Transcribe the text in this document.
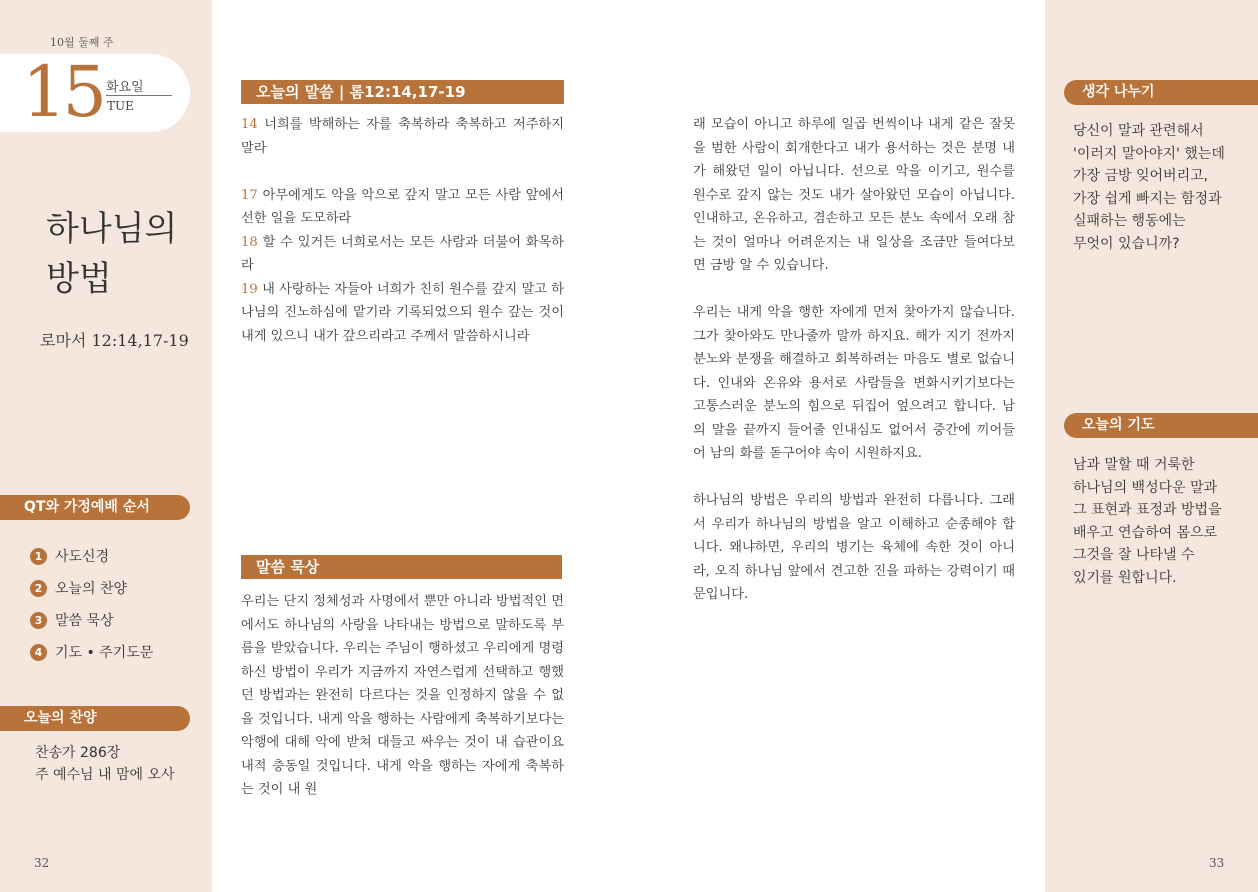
10월 둘째 주
15 화요일
TUE
하나님의
방법
로마서 12:14,17-19
QT와 가정예배 순서
1 사도신경
2 오늘의 찬양
3 말씀 묵상
4 기도 • 주기도문
오늘의 찬양
찬송가 286장
주 예수님 내 맘에 오사
32
오늘의 말씀 | 롬12:14,17-19

14 너희를 박해하는 자를 축복하라 축복하고 저주하지 말라

17 아무에게도 악을 악으로 갚지 말고 모든 사람 앞에서 선한 일을 도모하라

18 할 수 있거든 너희로서는 모든 사람과 더불어 화목하라

19 내 사랑하는 자들아 너희가 친히 원수를 갚지 말고 하나님의 진노하심에 맡기라 기록되었으되 원수 갚는 것이 내게 있으니 내가 갚으리라고 주께서 말씀하시니라

말씀 묵상

우리는 단지 정체성과 사명에서 뿐만 아니라 방법적인 면에서도 하나님의 사랑을 나타내는 방법으로 말하도록 부름을 받았습니다. 우리는 주님이 행하셨고 우리에게 명령하신 방법이 우리가 지금까지 자연스럽게 선택하고 행했던 방법과는 완전히 다르다는 것을 인정하지 않을 수 없을 것입니다. 내게 악을 행하는 사람에게 축복하기보다는 악행에 대해 악에 받쳐 대들고 싸우는 것이 내 습관이요 내적 충동일 것입니다. 내게 악을 행하는 자에게 축복하는 것이 내 원

래 모습이 아니고 하루에 일곱 번씩이나 내게 같은 잘못을 범한 사람이 회개한다고 내가 용서하는 것은 분명 내가 해왔던 일이 아닙니다. 선으로 악을 이기고, 원수를 원수로 갚지 않는 것도 내가 살아왔던 모습이 아닙니다. 인내하고, 온유하고, 겸손하고 모든 분노 속에서 오래 참는 것이 얼마나 어려운지는 내 일상을 조금만 들여다보면 금방 알 수 있습니다.

우리는 내게 악을 행한 자에게 먼저 찾아가지 않습니다. 그가 찾아와도 만나줄까 말까 하지요. 해가 지기 전까지 분노와 분쟁을 해결하고 회복하려는 마음도 별로 없습니다. 인내와 온유와 용서로 사람들을 변화시키기보다는 고통스러운 분노의 힘으로 뒤집어 엎으려고 합니다. 남의 말을 끝까지 들어줄 인내심도 없어서 중간에 끼어들어 남의 화를 돋구어야 속이 시원하지요.

하나님의 방법은 우리의 방법과 완전히 다릅니다. 그래서 우리가 하나님의 방법을 알고 이해하고 순종해야 합니다. 왜냐하면, 우리의 병기는 육체에 속한 것이 아니라, 오직 하나님 앞에서 견고한 진을 파하는 강력이기 때문입니다.

생각 나누기
당신이 말과 관련해서
'이러지 말아야지' 했는데
가장 금방 잊어버리고,
가장 쉽게 빠지는 함정과
실패하는 행동에는
무엇이 있습니까?
오늘의 기도
남과 말할 때 거룩한
하나님의 백성다운 말과
그 표현과 표정과 방법을
배우고 연습하여 몸으로
그것을 잘 나타낼 수
있기를 원합니다.
33
